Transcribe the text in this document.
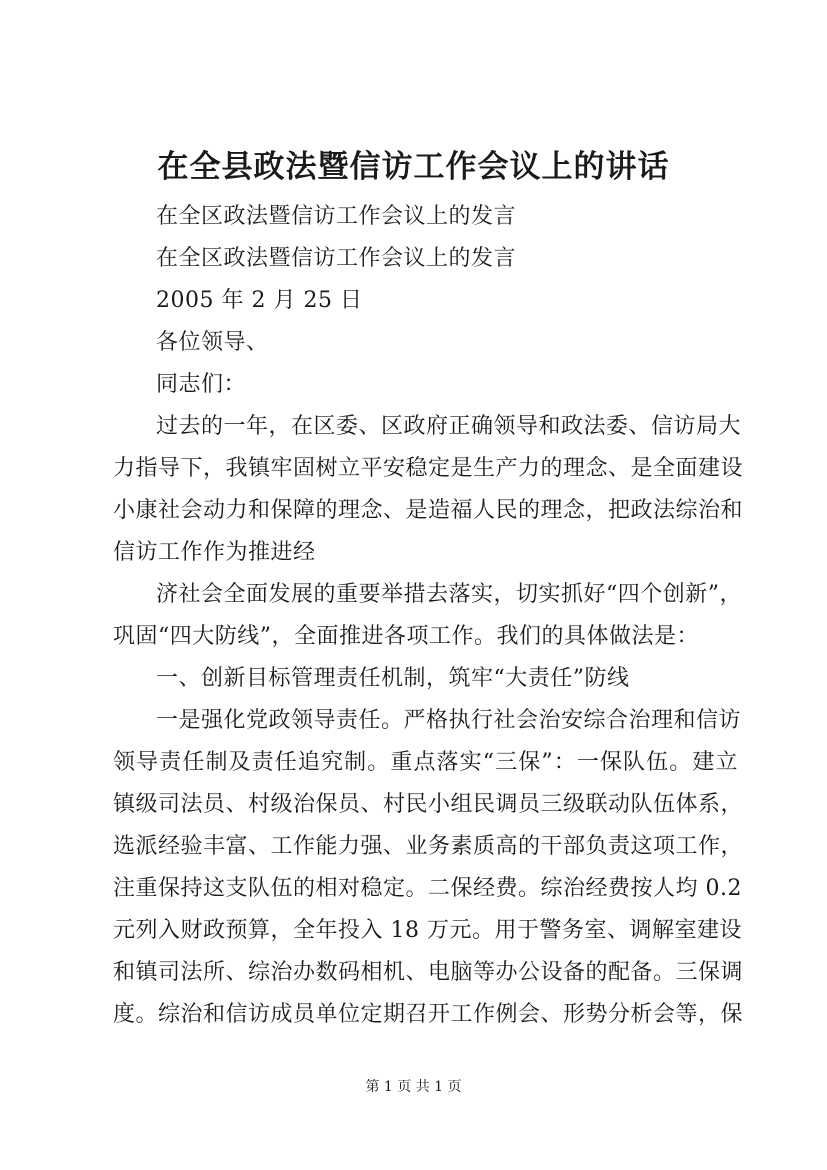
在全县政法暨信访工作会议上的讲话

在全区政法暨信访工作会议上的发言

在全区政法暨信访工作会议上的发言

2005 年 2 月 25 日

各位领导、

同志们：

过去的一年，在区委、区政府正确领导和政法委、信访局大

力指导下，我镇牢固树立平安稳定是生产力的理念、是全面建设

小康社会动力和保障的理念、是造福人民的理念，把政法综治和

信访工作作为推进经

济社会全面发展的重要举措去落实，切实抓好“四个创新”，

巩固“四大防线”，全面推进各项工作。我们的具体做法是：

一、创新目标管理责任机制，筑牢“大责任”防线

一是强化党政领导责任。严格执行社会治安综合治理和信访

领导责任制及责任追究制。重点落实“三保”：一保队伍。建立

镇级司法员、村级治保员、村民小组民调员三级联动队伍体系，

选派经验丰富、工作能力强、业务素质高的干部负责这项工作，

注重保持这支队伍的相对稳定。二保经费。综治经费按人均 0.2

元列入财政预算，全年投入 18 万元。用于警务室、调解室建设

和镇司法所、综治办数码相机、电脑等办公设备的配备。三保调

度。综治和信访成员单位定期召开工作例会、形势分析会等，保

第 1 页 共 1 页
